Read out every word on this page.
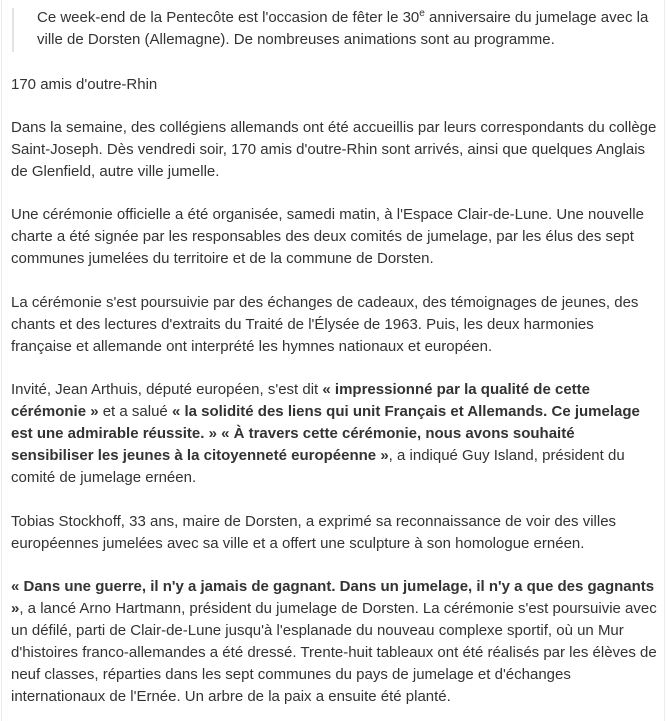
Ce week-end de la Pentecôte est l'occasion de fêter le 30e anniversaire du jumelage avec la ville de Dorsten (Allemagne). De nombreuses animations sont au programme.

170 amis d'outre-Rhin

Dans la semaine, des collégiens allemands ont été accueillis par leurs correspondants du collège Saint-Joseph. Dès vendredi soir, 170 amis d'outre-Rhin sont arrivés, ainsi que quelques Anglais de Glenfield, autre ville jumelle.

Une cérémonie officielle a été organisée, samedi matin, à l'Espace Clair-de-Lune. Une nouvelle charte a été signée par les responsables des deux comités de jumelage, par les élus des sept communes jumelées du territoire et de la commune de Dorsten.

La cérémonie s'est poursuivie par des échanges de cadeaux, des témoignages de jeunes, des chants et des lectures d'extraits du Traité de l'Élysée de 1963. Puis, les deux harmonies française et allemande ont interprété les hymnes nationaux et européen.

Invité, Jean Arthuis, député européen, s'est dit « impressionné par la qualité de cette cérémonie » et a salué « la solidité des liens qui unit Français et Allemands. Ce jumelage est une admirable réussite. » « À travers cette cérémonie, nous avons souhaité sensibiliser les jeunes à la citoyenneté européenne », a indiqué Guy Island, président du comité de jumelage ernéen.

Tobias Stockhoff, 33 ans, maire de Dorsten, a exprimé sa reconnaissance de voir des villes européennes jumelées avec sa ville et a offert une sculpture à son homologue ernéen.

« Dans une guerre, il n'y a jamais de gagnant. Dans un jumelage, il n'y a que des gagnants », a lancé Arno Hartmann, président du jumelage de Dorsten. La cérémonie s'est poursuivie avec un défilé, parti de Clair-de-Lune jusqu'à l'esplanade du nouveau complexe sportif, où un Mur d'histoires franco-allemandes a été dressé. Trente-huit tableaux ont été réalisés par les élèves de neuf classes, réparties dans les sept communes du pays de jumelage et d'échanges internationaux de l'Ernée. Un arbre de la paix a ensuite été planté.
